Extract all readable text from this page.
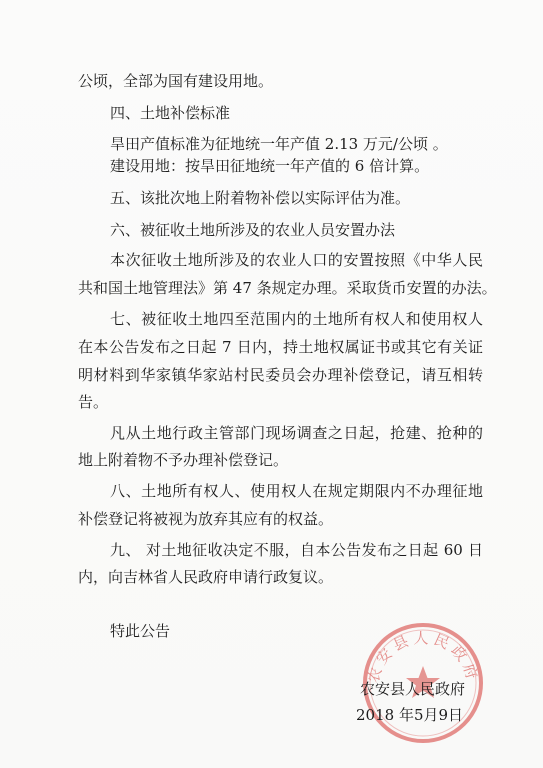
公顷，全部为国有建设用地。
四、土地补偿标准
旱田产值标准为征地统一年产值 2.13 万元/公顷 。
建设用地：按旱田征地统一年产值的 6 倍计算。
五、该批次地上附着物补偿以实际评估为准。
六、被征收土地所涉及的农业人员安置办法
本次征收土地所涉及的农业人口的安置按照《中华人民
共和国土地管理法》第 47 条规定办理。采取货币安置的办法。
七、被征收土地四至范围内的土地所有权人和使用权人
在本公告发布之日起 7 日内，持土地权属证书或其它有关证
明材料到华家镇华家站村民委员会办理补偿登记，请互相转
告。
凡从土地行政主管部门现场调查之日起，抢建、抢种的
地上附着物不予办理补偿登记。
八、土地所有权人、使用权人在规定期限内不办理征地
补偿登记将被视为放弃其应有的权益。
九、 对土地征收决定不服，自本公告发布之日起 60 日
内，向吉林省人民政府申请行政复议。
特此公告
农安县人民政府
农安县人民政府
2018 年5月9日
